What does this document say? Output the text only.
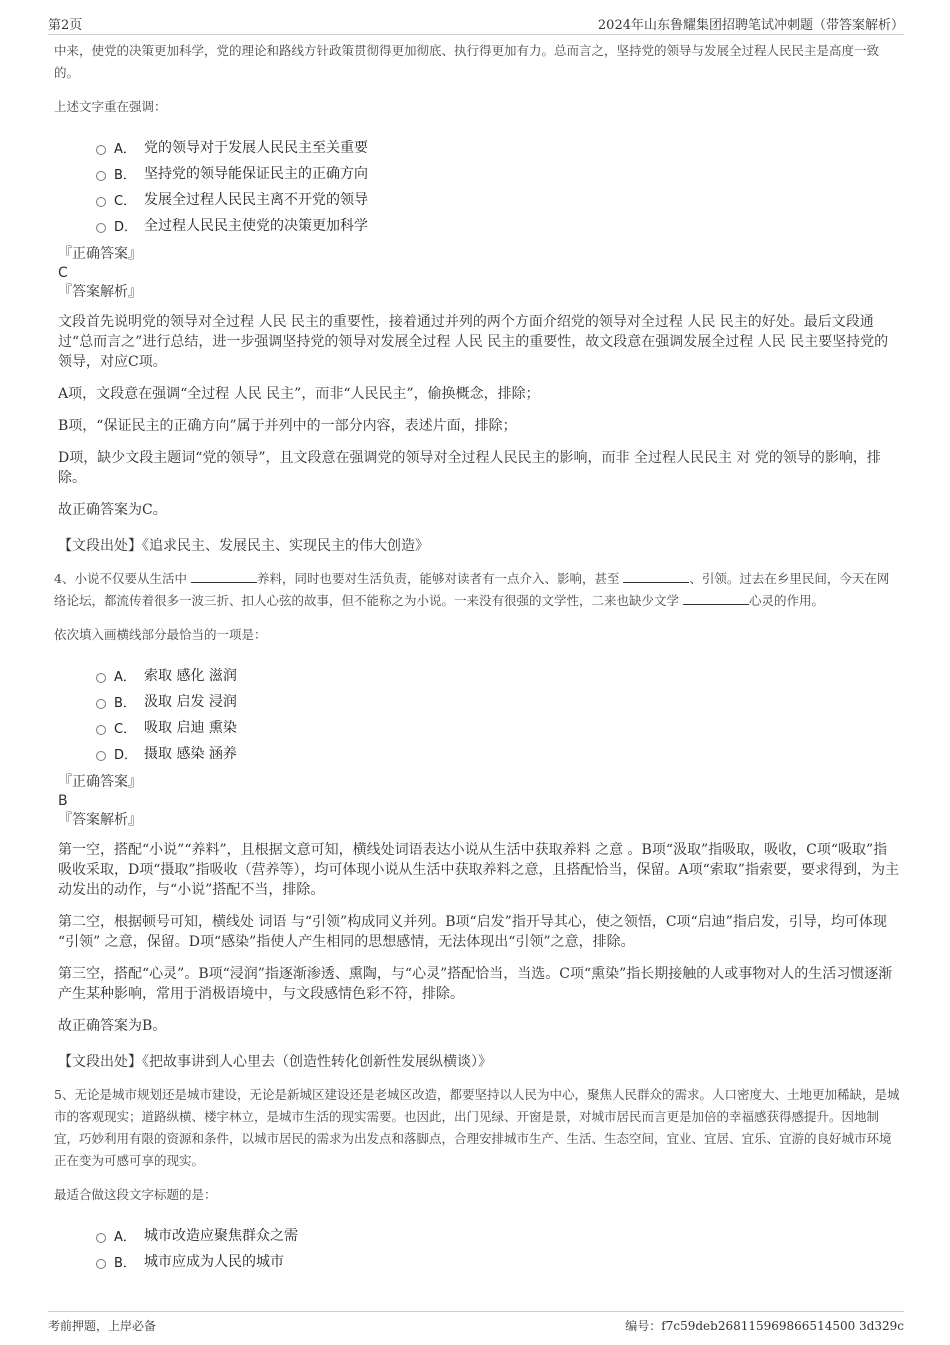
第2页	2024年山东鲁耀集团招聘笔试冲刺题（带答案解析）

中来，使党的决策更加科学，党的理论和路线方针政策贯彻得更加彻底、执行得更加有力。总而言之，坚持党的领导与发展全过程人民民主是高度一致的。

上述文字重在强调：

A． 党的领导对于发展人民民主至关重要
B． 坚持党的领导能保证民主的正确方向
C． 发展全过程人民民主离不开党的领导
D． 全过程人民民主使党的决策更加科学

『正确答案』

C

『答案解析』

文段首先说明党的领导对全过程 人民 民主的重要性，接着通过并列的两个方面介绍党的领导对全过程 人民 民主的好处。最后文段通过“总而言之”进行总结，进一步强调坚持党的领导对发展全过程 人民 民主的重要性，故文段意在强调发展全过程 人民 民主要坚持党的领导，对应C项。

A项，文段意在强调“全过程 人民 民主”，而非“人民民主”，偷换概念，排除；

B项，“保证民主的正确方向”属于并列中的一部分内容，表述片面，排除；

D项，缺少文段主题词“党的领导”，且文段意在强调党的领导对全过程人民民主的影响，而非 全过程人民民主 对 党的领导的影响，排除。

故正确答案为C。

【文段出处】《追求民主、发展民主、实现民主的伟大创造》

4、小说不仅要从生活中	养料，同时也要对生活负责，能够对读者有一点介入、影响，甚至	、引领。过去在乡里民间，今天在网络论坛，都流传着很多一波三折、扣人心弦的故事，但不能称之为小说。一来没有很强的文学性，二来也缺少文学	心灵的作用。

依次填入画横线部分最恰当的一项是：

A． 索取 感化 滋润
B． 汲取 启发 浸润
C． 吸取 启迪 熏染
D． 摄取 感染 涵养

『正确答案』

B

『答案解析』

第一空，搭配“小说”“养料”，且根据文意可知，横线处词语表达小说从生活中获取养料 之意 。B项“汲取”指吸取，吸收，C项“吸取”指吸收采取，D项“摄取”指吸收（营养等），均可体现小说从生活中获取养料之意，且搭配恰当，保留。A项“索取”指索要，要求得到，为主动发出的动作，与“小说”搭配不当，排除。

第二空，根据顿号可知，横线处 词语 与“引领”构成同义并列。B项“启发”指开导其心，使之领悟，C项“启迪”指启发，引导，均可体现 “引领” 之意，保留。D项“感染”指使人产生相同的思想感情，无法体现出“引领”之意，排除。

第三空，搭配“心灵”。B项“浸润”指逐渐渗透、熏陶，与“心灵”搭配恰当，当选。C项“熏染”指长期接触的人或事物对人的生活习惯逐渐产生某种影响，常用于消极语境中，与文段感情色彩不符，排除。

故正确答案为B。

【文段出处】《把故事讲到人心里去（创造性转化创新性发展纵横谈）》

5、无论是城市规划还是城市建设，无论是新城区建设还是老城区改造，都要坚持以人民为中心，聚焦人民群众的需求。人口密度大、土地更加稀缺，是城市的客观现实；道路纵横、楼宇林立，是城市生活的现实需要。也因此，出门见绿、开窗是景，对城市居民而言更是加倍的幸福感获得感提升。因地制宜，巧妙利用有限的资源和条件，以城市居民的需求为出发点和落脚点，合理安排城市生产、生活、生态空间，宜业、宜居、宜乐、宜游的良好城市环境正在变为可感可享的现实。

最适合做这段文字标题的是：

A． 城市改造应聚焦群众之需
B． 城市应成为人民的城市
考前押题，上岸必备	编号：f7c59deb268115969866514500 3d329c
